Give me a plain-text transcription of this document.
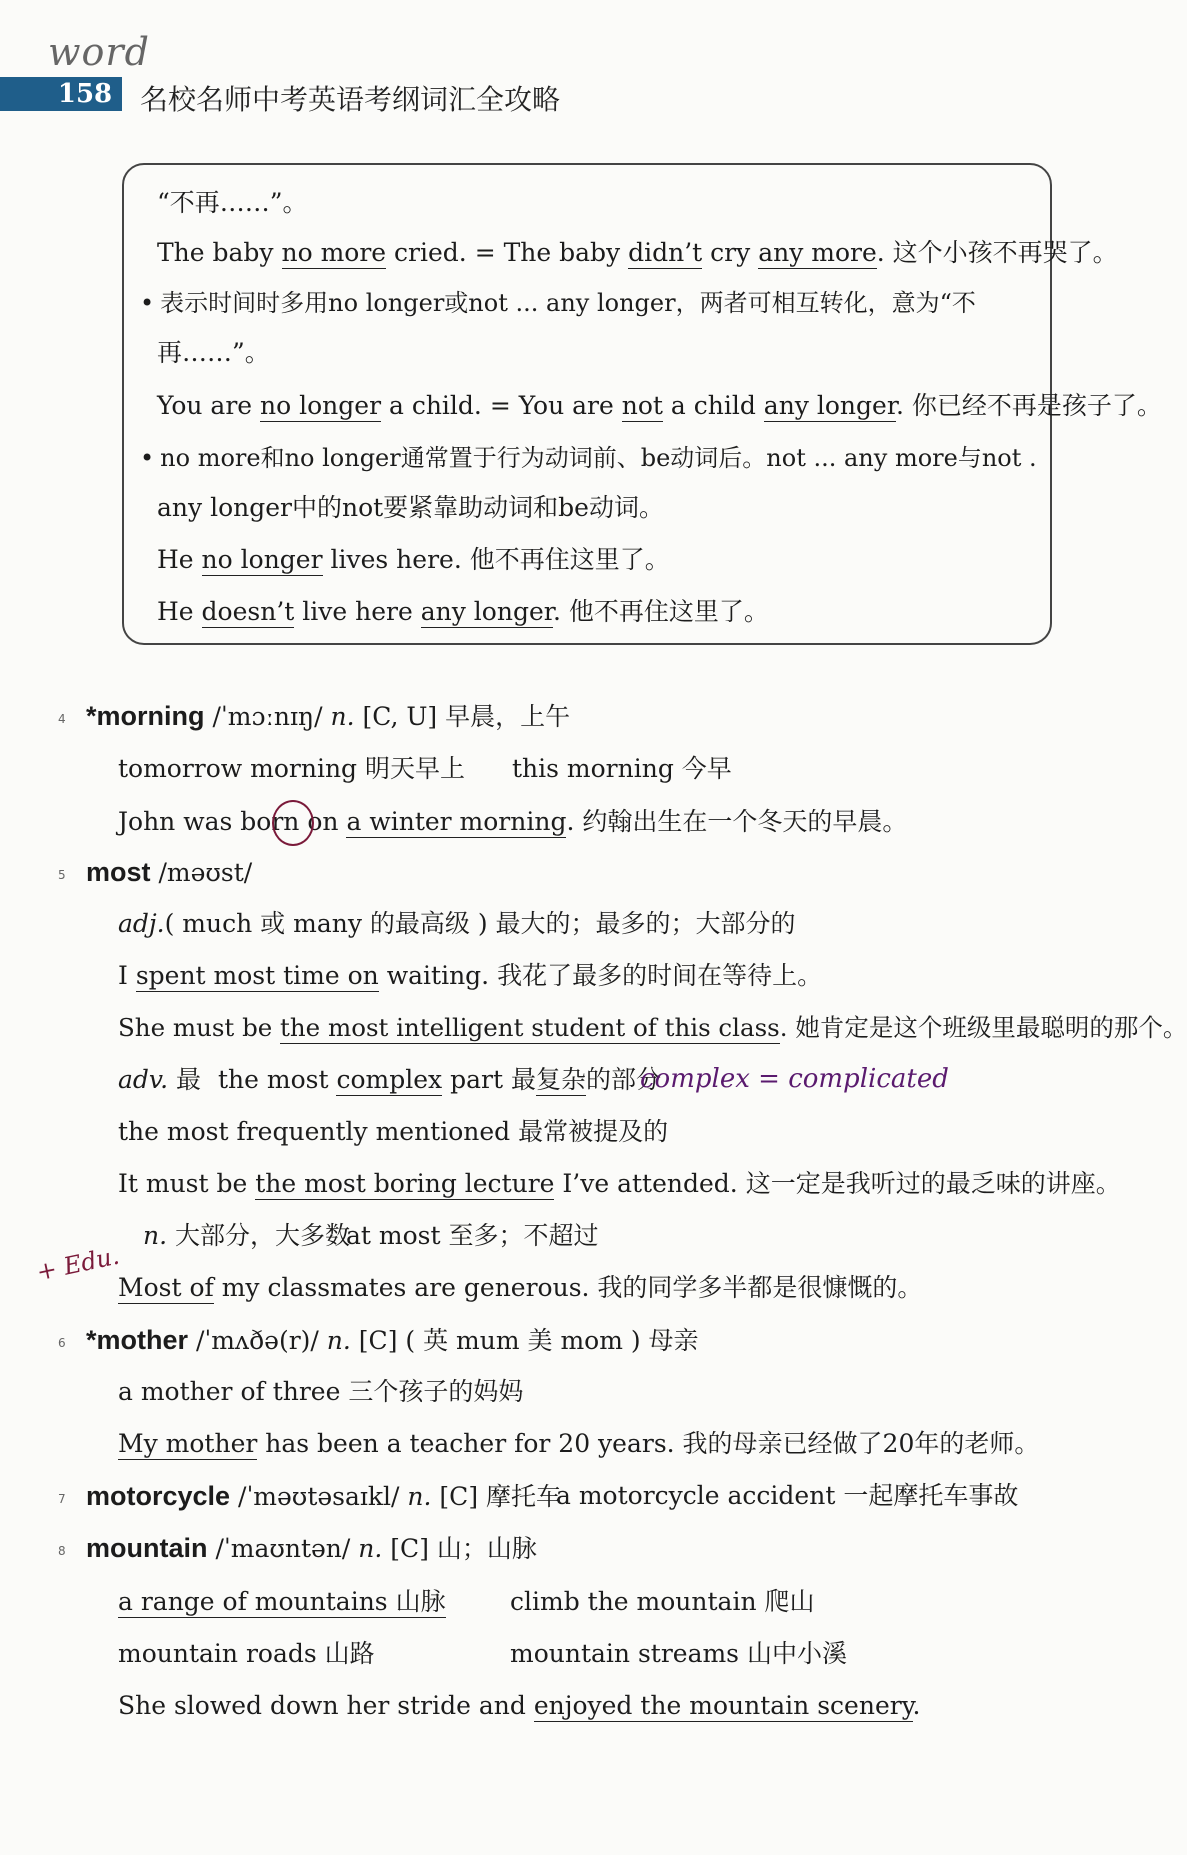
word
158 名校名师中考英语考纲词汇全攻略
“不再……”。
The baby no more cried. = The baby didn’t cry any more. 这个小孩不再哭了。
• 表示时间时多用no longer或not ... any longer，两者可相互转化，意为“不
再……”。
You are no longer a child. = You are not a child any longer. 你已经不再是孩子了。
• no more和no longer通常置于行为动词前、be动词后。not ... any more与not .
any longer中的not要紧靠助动词和be动词。
He no longer lives here. 他不再住这里了。
He doesn’t live here any longer. 他不再住这里了。
4 *morning /ˈmɔːnɪŋ/ n. [C, U] 早晨，上午
tomorrow morning 明天早上 this morning 今早
John was born on a winter morning. 约翰出生在一个冬天的早晨。
5 most /məʊst/
adj.( much 或 many 的最高级 ) 最大的；最多的；大部分的
I spent most time on waiting. 我花了最多的时间在等待上。
She must be the most intelligent student of this class. 她肯定是这个班级里最聪明的那个。
adv. 最 the most complex part 最复杂的部分
complex = complicated
the most frequently mentioned 最常被提及的
It must be the most boring lecture I’ve attended. 这一定是我听过的最乏味的讲座。
n. 大部分，大多数
at most 至多；不超过
+ Edu.
Most of my classmates are generous. 我的同学多半都是很慷慨的。
6 *mother /ˈmʌðə(r)/ n. [C] ( 英 mum 美 mom ) 母亲
a mother of three 三个孩子的妈妈
My mother has been a teacher for 20 years. 我的母亲已经做了20年的老师。
7 motorcycle /ˈməʊtəsaɪkl/ n. [C] 摩托车
a motorcycle accident 一起摩托车事故
8 mountain /ˈmaʊntən/ n. [C] 山；山脉
a range of mountains 山脉	climb the mountain 爬山
mountain roads 山路	mountain streams 山中小溪
She slowed down her stride and enjoyed the mountain scenery.
